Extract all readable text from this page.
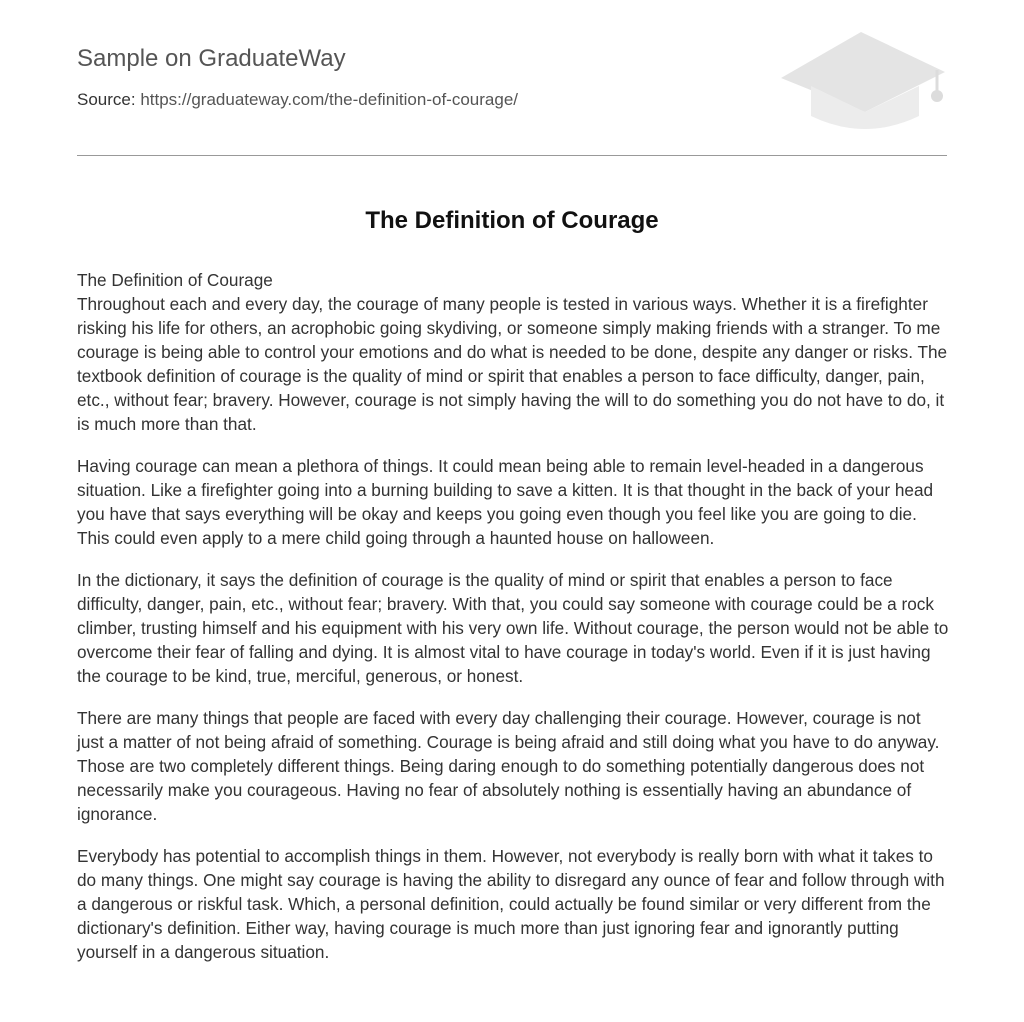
Sample on GraduateWay
Source: https://graduateway.com/the-definition-of-courage/
The Definition of Courage

The Definition of Courage
Throughout each and every day, the courage of many people is tested in various ways. Whether it is a firefighter risking his life for others, an acrophobic going skydiving, or someone simply making friends with a stranger. To me courage is being able to control your emotions and do what is needed to be done, despite any danger or risks. The textbook definition of courage is the quality of mind or spirit that enables a person to face difficulty, danger, pain, etc., without fear; bravery. However, courage is not simply having the will to do something you do not have to do, it is much more than that.

Having courage can mean a plethora of things. It could mean being able to remain level-headed in a dangerous situation. Like a firefighter going into a burning building to save a kitten. It is that thought in the back of your head you have that says everything will be okay and keeps you going even though you feel like you are going to die. This could even apply to a mere child going through a haunted house on halloween.

In the dictionary, it says the definition of courage is the quality of mind or spirit that enables a person to face difficulty, danger, pain, etc., without fear; bravery. With that, you could say someone with courage could be a rock climber, trusting himself and his equipment with his very own life. Without courage, the person would not be able to overcome their fear of falling and dying. It is almost vital to have courage in today's world. Even if it is just having the courage to be kind, true, merciful, generous, or honest.

There are many things that people are faced with every day challenging their courage. However, courage is not just a matter of not being afraid of something. Courage is being afraid and still doing what you have to do anyway. Those are two completely different things. Being daring enough to do something potentially dangerous does not necessarily make you courageous. Having no fear of absolutely nothing is essentially having an abundance of ignorance.

Everybody has potential to accomplish things in them. However, not everybody is really born with what it takes to do many things. One might say courage is having the ability to disregard any ounce of fear and follow through with a dangerous or riskful task. Which, a personal definition, could actually be found similar or very different from the dictionary's definition. Either way, having courage is much more than just ignoring fear and ignorantly putting yourself in a dangerous situation.
